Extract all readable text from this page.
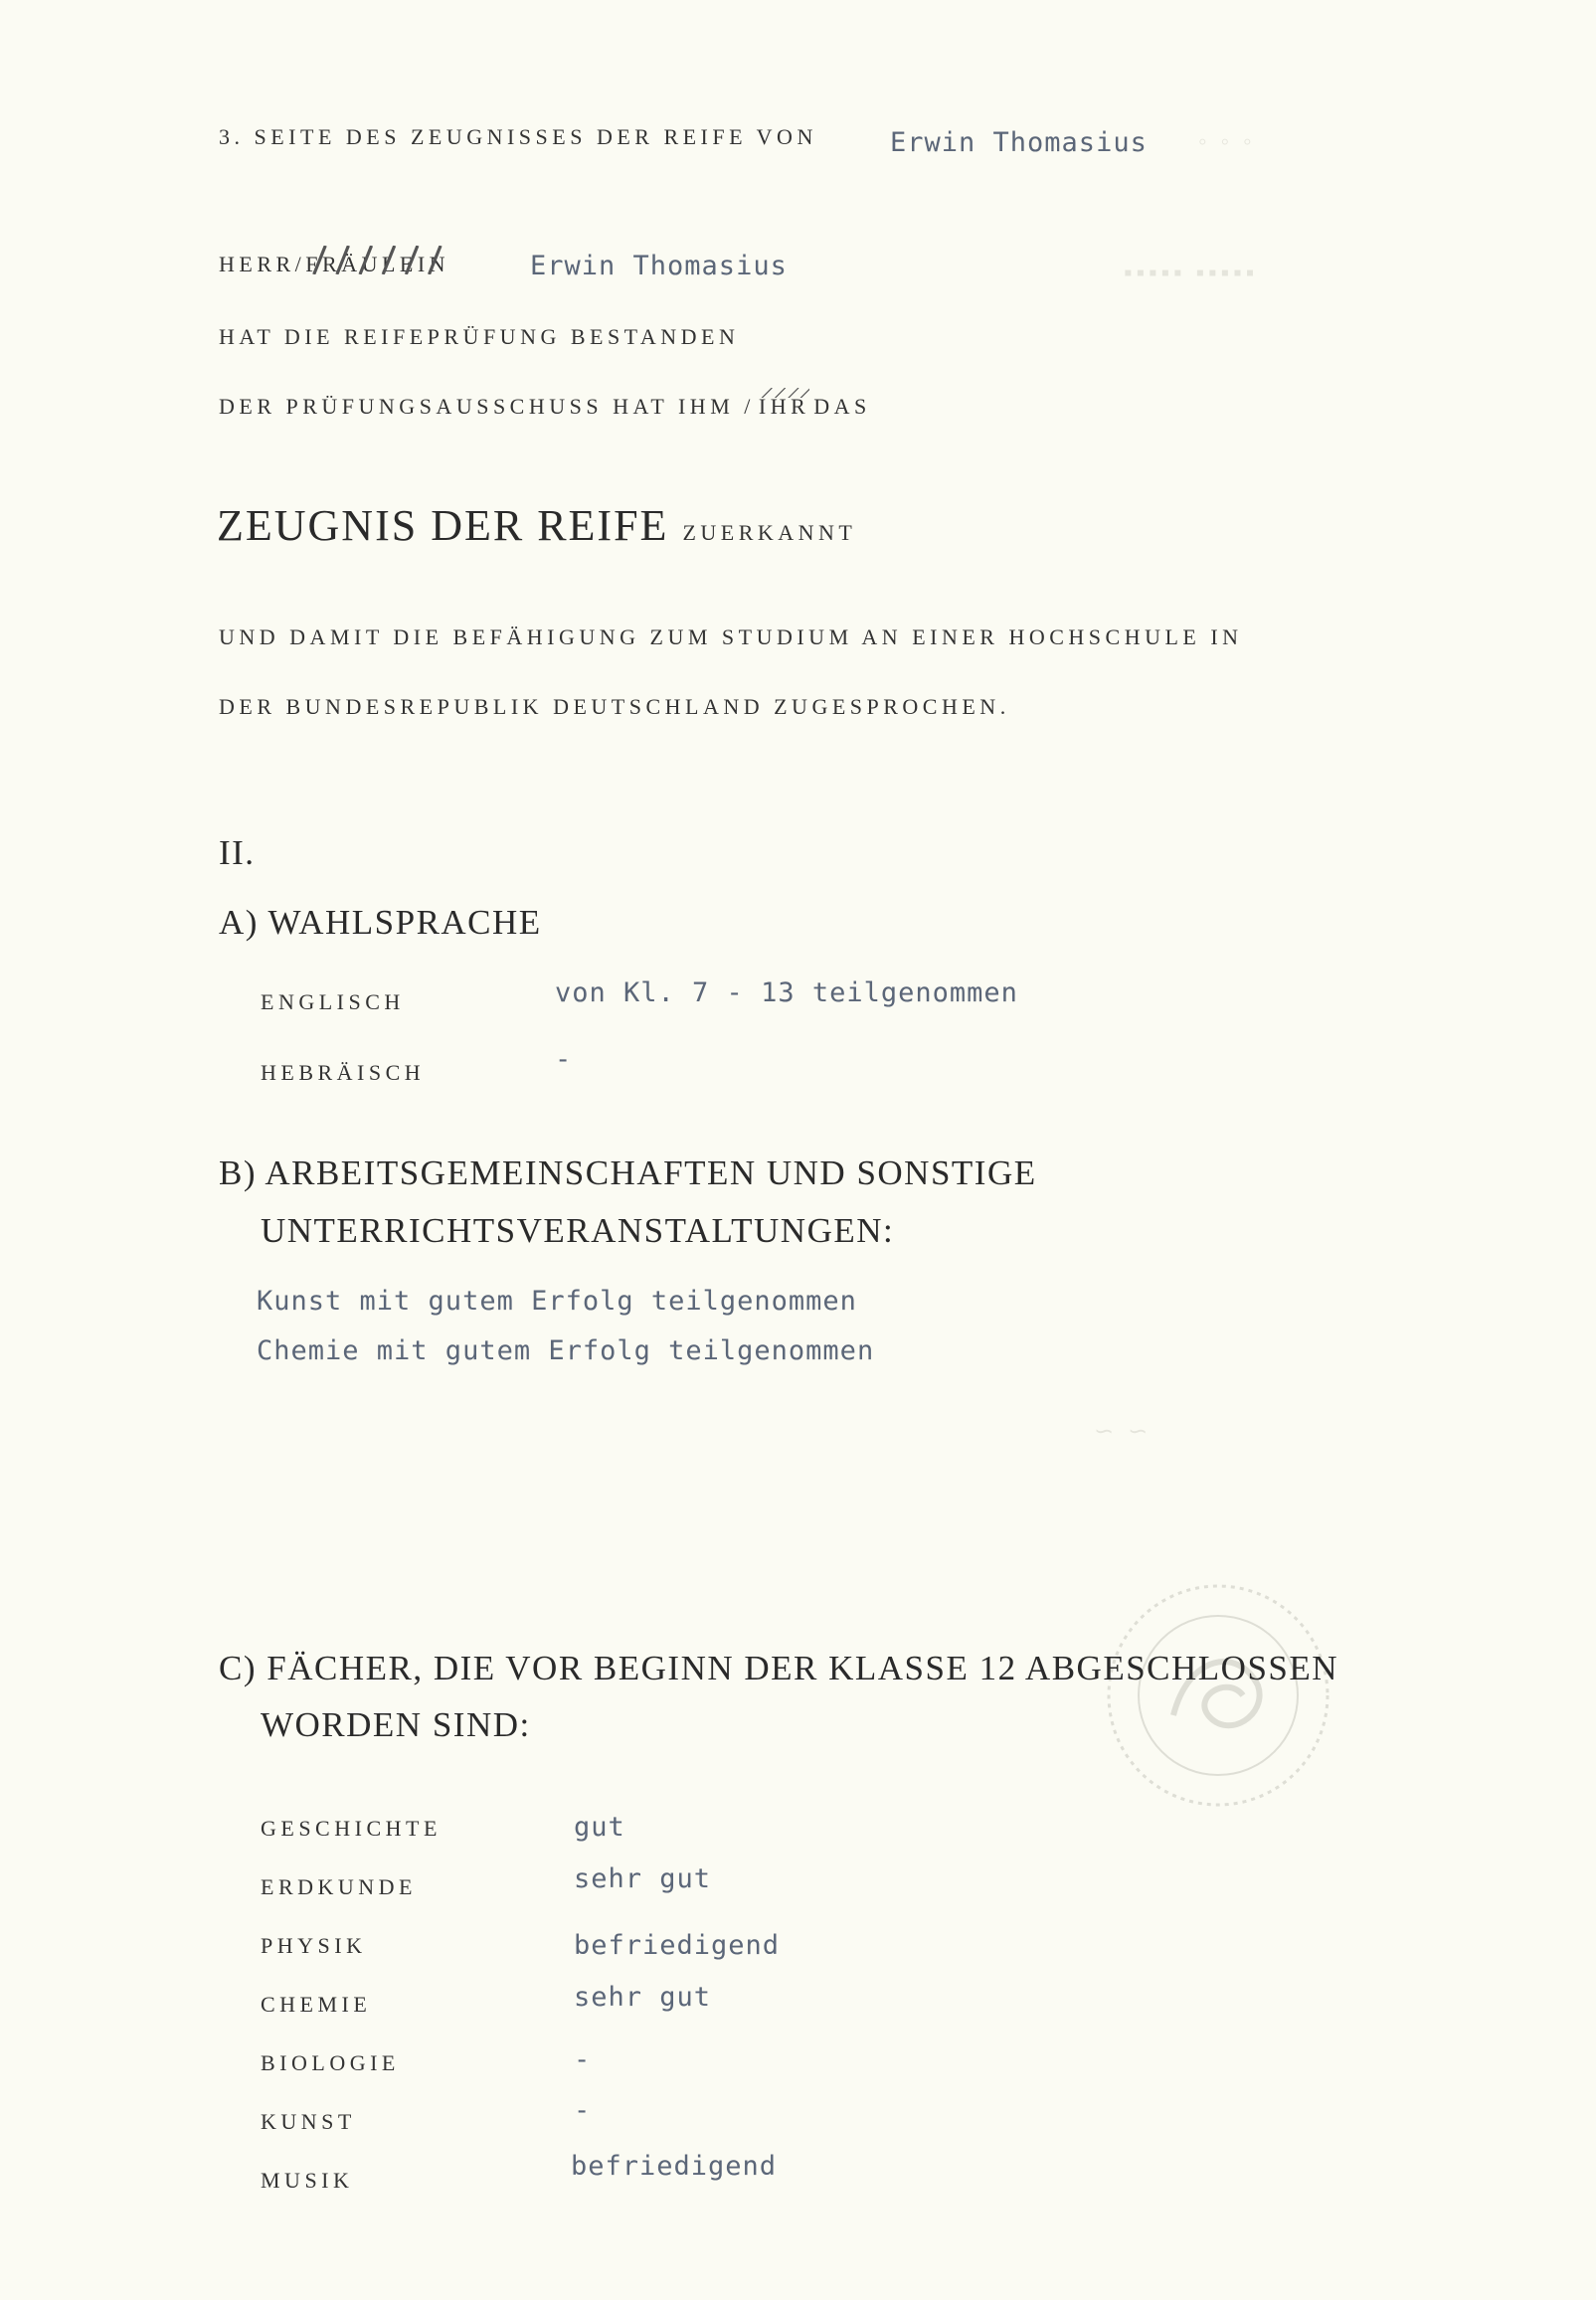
◦ ◦ ◦
▪▪▪▪▪ ▪▪▪▪▪
∽ ∽
3. SEITE DES ZEUGNISSES DER REIFE VON	Erwin Thomasius
HERR/FRÄULEIN	Erwin Thomasius
HAT DIE REIFEPRÜFUNG BESTANDEN
DER PRÜFUNGSAUSSCHUSS HAT IHM / IHR DAS
ZEUGNIS DER REIFE ZUERKANNT
UND DAMIT DIE BEFÄHIGUNG ZUM STUDIUM AN EINER HOCHSCHULE IN
DER BUNDESREPUBLIK DEUTSCHLAND ZUGESPROCHEN.
II.
A) WAHLSPRACHE
ENGLISCH	von Kl. 7 - 13 teilgenommen
HEBRÄISCH	-
B) ARBEITSGEMEINSCHAFTEN UND SONSTIGE
UNTERRICHTSVERANSTALTUNGEN:
Kunst mit gutem Erfolg teilgenommen
Chemie mit gutem Erfolg teilgenommen
C) FÄCHER, DIE VOR BEGINN DER KLASSE 12 ABGESCHLOSSEN
WORDEN SIND:
GESCHICHTE	gut
ERDKUNDE	sehr gut
PHYSIK	befriedigend
CHEMIE	sehr gut
BIOLOGIE	-
KUNST	-
MUSIK	befriedigend
